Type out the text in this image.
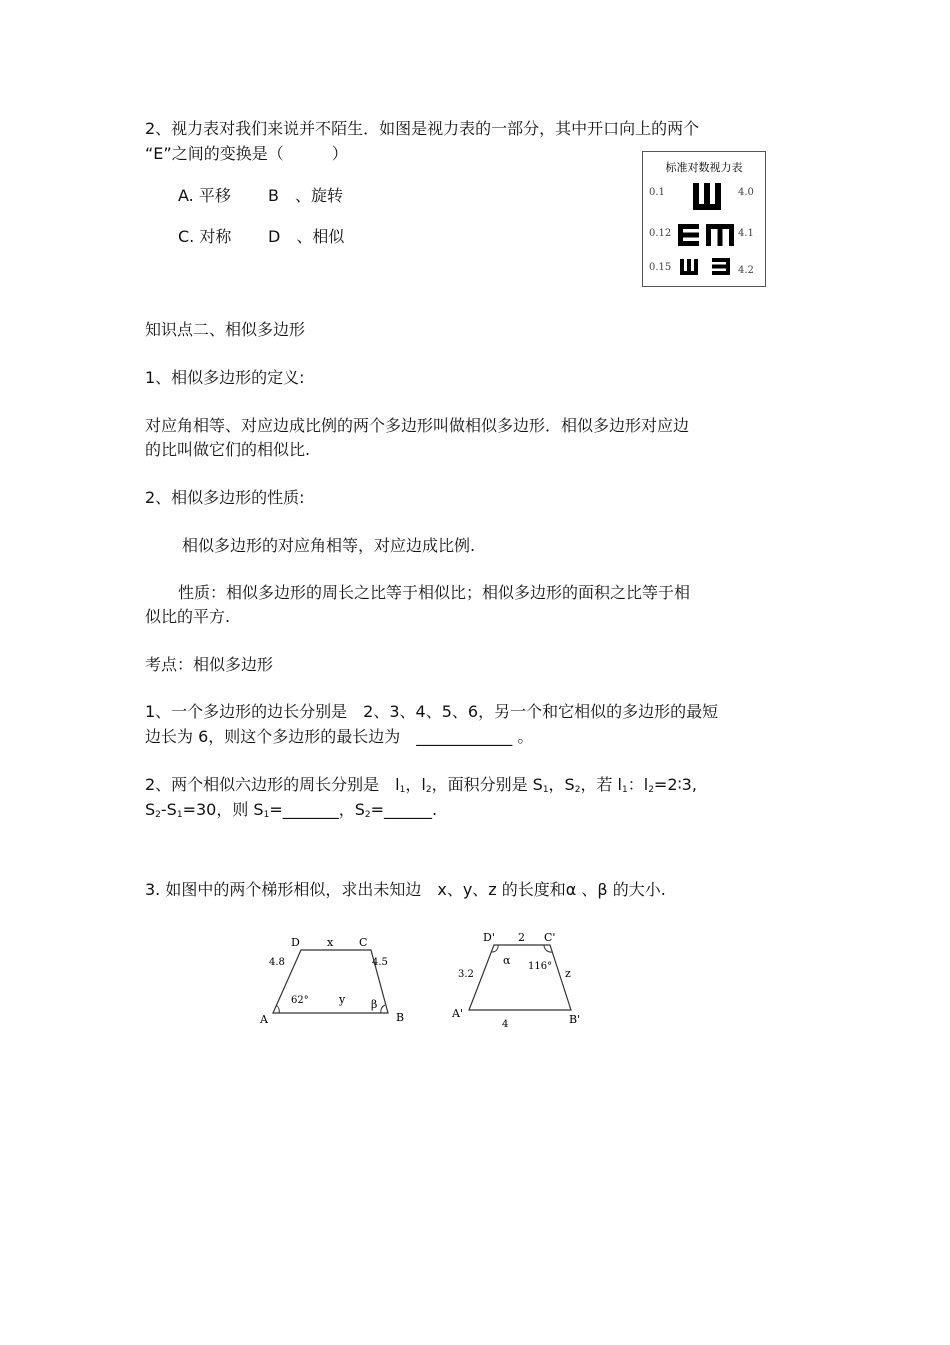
2、视力表对我们来说并不陌生．如图是视力表的一部分，其中开口向上的两个
“E”之间的变换是（　　　）
A. 平移 B　、旋转
C. 对称 D　、相似
标准对数视力表
0.1
0.12
0.15
4.0
4.1
4.2
知识点二、相似多边形
1、相似多边形的定义:
对应角相等、对应边成比例的两个多边形叫做相似多边形．相似多边形对应边
的比叫做它们的相似比.
2、相似多边形的性质:
相似多边形的对应角相等，对应边成比例.
性质：相似多边形的周长之比等于相似比；相似多边形的面积之比等于相
似比的平方.
考点：相似多边形
1、一个多边形的边长分别是　2、3、4、5、6，另一个和它相似的多边形的最短
边长为 6，则这个多边形的最长边为　____________ 。
2、两个相似六边形的周长分别是　$l_1$，$l_2$，面积分别是 $S_1$，$S_2$，若 $l_1$：$l_2=2∶3$,
$S_2-S_1=30$，则 $S_1=\_\_\_\_\_\_\_$，$S_2=\_\_\_\_\_\_$.
3. 如图中的两个梯形相似，求出未知边　x、y、z 的长度和α 、β 的大小.
D	C
A	B
x
4.8	4.5
y
62°	β
D'	C'
A'	B'
2
3.2	z
4
α 116°
